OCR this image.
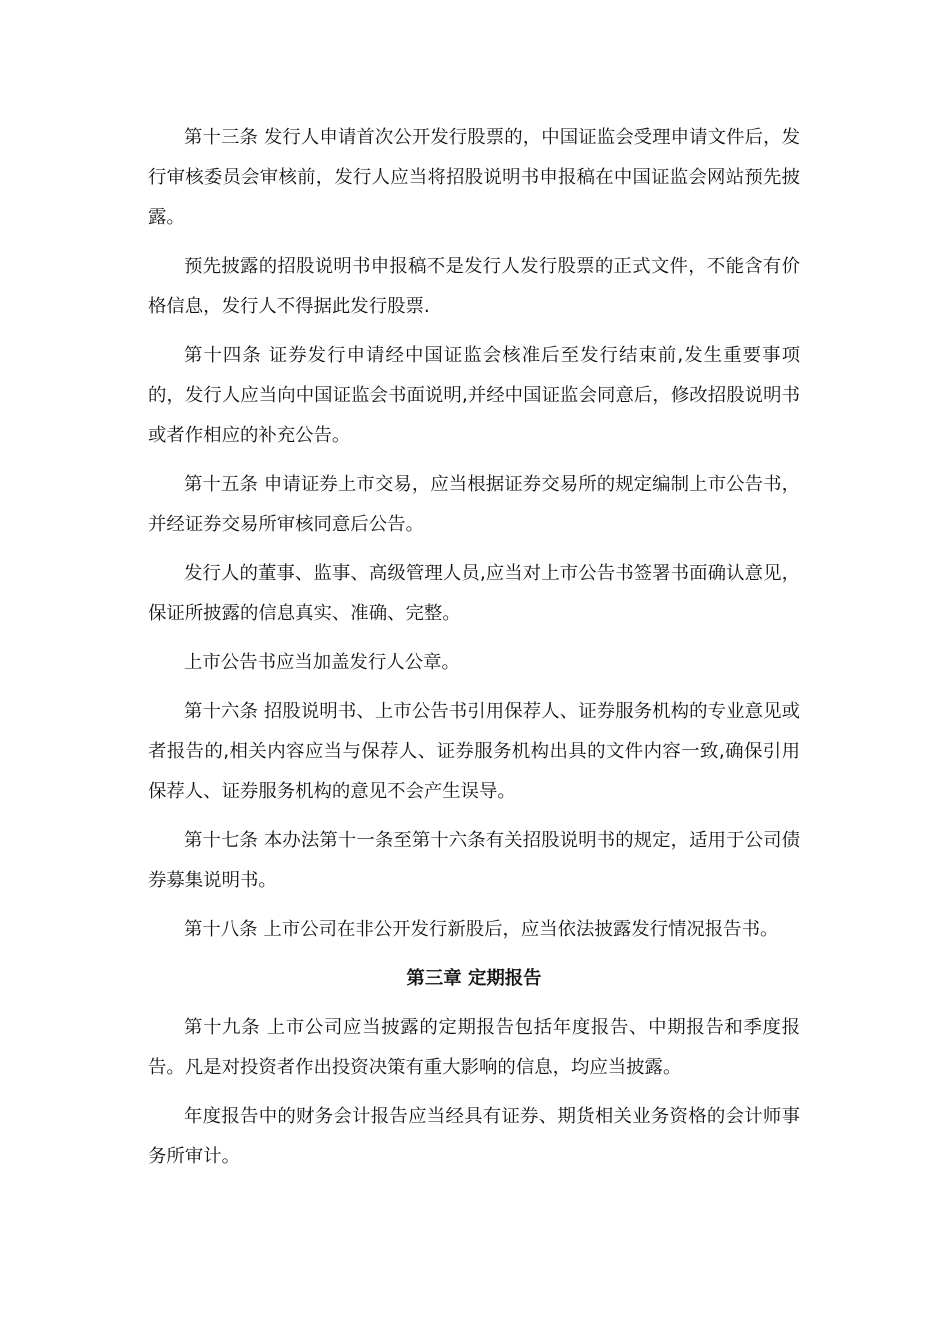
第十三条 发行人申请首次公开发行股票的，中国证监会受理申请文件后，发行审核委员会审核前，发行人应当将招股说明书申报稿在中国证监会网站预先披露。

预先披露的招股说明书申报稿不是发行人发行股票的正式文件，不能含有价格信息，发行人不得据此发行股票.

第十四条 证券发行申请经中国证监会核准后至发行结束前,发生重要事项的，发行人应当向中国证监会书面说明,并经中国证监会同意后，修改招股说明书或者作相应的补充公告。

第十五条 申请证券上市交易，应当根据证券交易所的规定编制上市公告书，并经证券交易所审核同意后公告。

发行人的董事、监事、高级管理人员,应当对上市公告书签署书面确认意见，保证所披露的信息真实、准确、完整。

上市公告书应当加盖发行人公章。

第十六条 招股说明书、上市公告书引用保荐人、证券服务机构的专业意见或者报告的,相关内容应当与保荐人、证券服务机构出具的文件内容一致,确保引用保荐人、证券服务机构的意见不会产生误导。

第十七条 本办法第十一条至第十六条有关招股说明书的规定，适用于公司债券募集说明书。

第十八条 上市公司在非公开发行新股后，应当依法披露发行情况报告书。

第三章 定期报告

第十九条 上市公司应当披露的定期报告包括年度报告、中期报告和季度报告。凡是对投资者作出投资决策有重大影响的信息，均应当披露。

年度报告中的财务会计报告应当经具有证券、期货相关业务资格的会计师事务所审计。
